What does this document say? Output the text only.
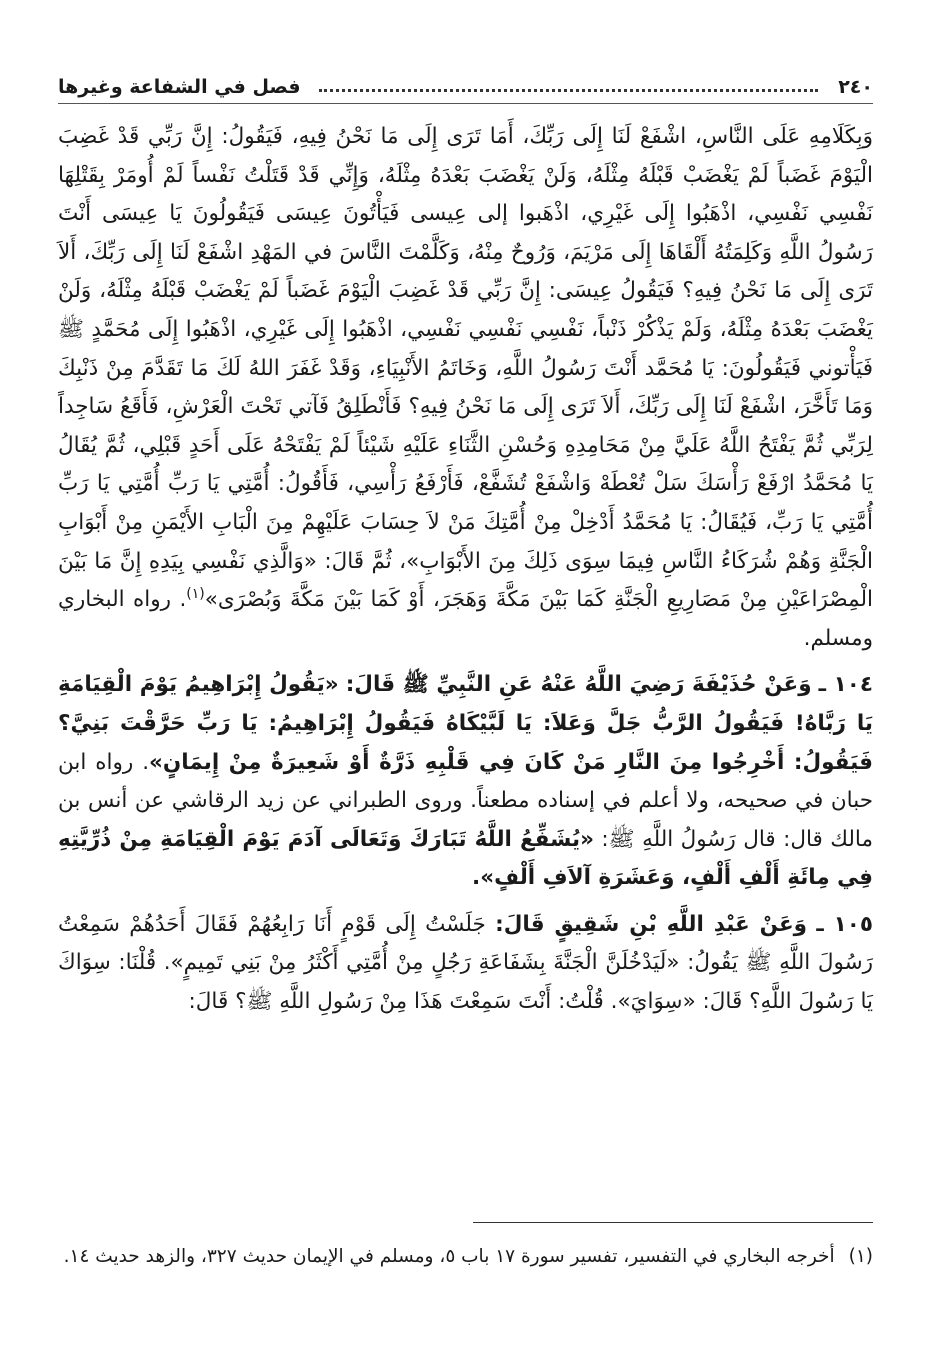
٢٤٠
فصل في الشفاعة وغيرها

وَبِكَلَامِهِ عَلَى النَّاسِ، اشْفَعْ لَنَا إِلَى رَبِّكَ، أَمَا تَرَى إِلَى مَا نَحْنُ فِيهِ، فَيَقُولُ: إِنَّ رَبِّي قَدْ غَضِبَ الْيَوْمَ غَضَباً لَمْ يَغْضَبْ قَبْلَهُ مِثْلَهُ، وَلَنْ يَغْضَبَ بَعْدَهُ مِثْلَهُ، وَإِنِّي قَدْ قَتَلْتُ نَفْساً لَمْ أُومَرْ بِقَتْلِهَا نَفْسِي نَفْسِي، اذْهَبُوا إِلَى غَيْرِي، اذْهَبوا إلى عِيسى فَيَأْتُونَ عِيسَى فَيَقُولُونَ يَا عِيسَى أَنْتَ رَسُولُ اللَّهِ وَكَلِمَتُهُ أَلْقَاهَا إِلَى مَرْيَمَ، وَرُوحٌ مِنْهُ، وَكَلَّمْتَ النَّاسَ في المَهْدِ اشْفَعْ لَنَا إِلَى رَبِّكَ، أَلاَ تَرَى إِلَى مَا نَحْنُ فِيهِ؟ فَيَقُولُ عِيسَى: إِنَّ رَبِّي قَدْ غَضِبَ الْيَوْمَ غَضَباً لَمْ يَغْضَبْ قَبْلَهُ مِثْلَهُ، وَلَنْ يَغْضَبَ بَعْدَهُ مِثْلَهُ، وَلَمْ يَذْكُرْ ذَنْباً، نَفْسِي نَفْسِي نَفْسِي، اذْهَبُوا إِلَى غَيْرِي، اذْهَبُوا إِلَى مُحَمَّدٍ ﷺ فَيَأْتوني فَيَقُولُونَ: يَا مُحَمَّد أَنْتَ رَسُولُ اللَّهِ، وَخَاتَمُ الأَنْبِيَاءِ، وَقَدْ غَفَرَ اللهُ لَكَ مَا تَقَدَّمَ مِنْ ذَنْبِكَ وَمَا تَأَخَّرَ، اشْفَعْ لَنَا إِلَى رَبِّكَ، أَلاَ تَرَى إِلَى مَا نَحْنُ فِيهِ؟ فَأَنْطَلِقُ فَآتي تَحْتَ الْعَرْشِ، فَأَقَعُ سَاجِداً لِرَبِّي ثُمَّ يَفْتَحُ اللَّهُ عَلَيَّ مِنْ مَحَامِدِهِ وَحُسْنِ الثَّنَاءِ عَلَيْهِ شَيْئاً لَمْ يَفْتَحْهُ عَلَى أَحَدٍ قَبْلِي، ثُمَّ يُقَالُ يَا مُحَمَّدُ ارْفَعْ رَأْسَكَ سَلْ تُعْطَهْ وَاشْفَعْ تُشَفَّعْ، فَأَرْفَعُ رَأْسِي، فَأَقُولُ: أُمَّتِي يَا رَبِّ أُمَّتِي يَا رَبِّ أُمَّتِي يَا رَبِّ، فَيُقَالُ: يَا مُحَمَّدُ أَدْخِلْ مِنْ أُمَّتِكَ مَنْ لاَ حِسَابَ عَلَيْهِمْ مِنَ الْبَابِ الأَيْمَنِ مِنْ أَبْوَابِ الْجَنَّةِ وَهُمْ شُرَكَاءُ النَّاسِ فِيمَا سِوَى ذَلِكَ مِنَ الأَبْوَابِ»، ثُمَّ قَالَ: «وَالَّذِي نَفْسِي بِيَدِهِ إِنَّ مَا بَيْنَ الْمِصْرَاعَيْنِ مِنْ مَصَارِيعِ الْجَنَّةِ كَمَا بَيْنَ مَكَّةَ وَهَجَرَ، أَوْ كَمَا بَيْنَ مَكَّةَ وَبُصْرَى»$^{(١)}$. رواه البخاري ومسلم.

١٠٤ ـ وَعَنْ حُذَيْفَةَ رَضِيَ اللَّهُ عَنْهُ عَنِ النَّبِيِّ ﷺ قَالَ: «يَقُولُ إِبْرَاهِيمُ يَوْمَ الْقِيَامَةِ يَا رَبَّاهُ! فَيَقُولُ الرَّبُّ جَلَّ وَعَلاَ: يَا لَبَّيْكَاهُ فَيَقُولُ إِبْرَاهِيمُ: يَا رَبِّ حَرَّقْتَ بَنِيَّ؟ فَيَقُولُ: أَخْرِجُوا مِنَ النَّارِ مَنْ كَانَ فِي قَلْبِهِ ذَرَّةٌ أَوْ شَعِيرَةٌ مِنْ إِيمَانٍ». رواه ابن حبان في صحيحه، ولا أعلم في إسناده مطعناً. وروى الطبراني عن زيد الرقاشي عن أنس بن مالك قال: قال رَسُولُ اللَّهِ ﷺ: «يُشَفِّعُ اللَّهُ تَبَارَكَ وَتَعَالَى آدَمَ يَوْمَ الْقِيَامَةِ مِنْ ذُرِّيَّتِهِ فِي مِائَةِ أَلْفِ أَلْفٍ، وَعَشَرَةِ آلاَفِ أَلْفٍ».

١٠٥ ـ وَعَنْ عَبْدِ اللَّهِ بْنِ شَقِيقٍ قَالَ: جَلَسْتُ إِلَى قَوْمٍ أَنَا رَابِعُهُمْ فَقَالَ أَحَدُهُمْ سَمِعْتُ رَسُولَ اللَّهِ ﷺ يَقُولُ: «لَيَدْخُلَنَّ الْجَنَّةَ بِشَفَاعَةِ رَجُلٍ مِنْ أُمَّتِي أَكْثَرُ مِنْ بَنِي تَمِيمٍ». قُلْنَا: سِوَاكَ يَا رَسُولَ اللَّهِ؟ قَالَ: «سِوَايَ». قُلْتُ: أَنْتَ سَمِعْتَ هَذَا مِنْ رَسُولِ اللَّهِ ﷺ؟ قَالَ:

(١)
أخرجه البخاري في التفسير، تفسير سورة ١٧ باب ٥، ومسلم في الإيمان حديث ٣٢٧، والزهد حديث ١٤.
